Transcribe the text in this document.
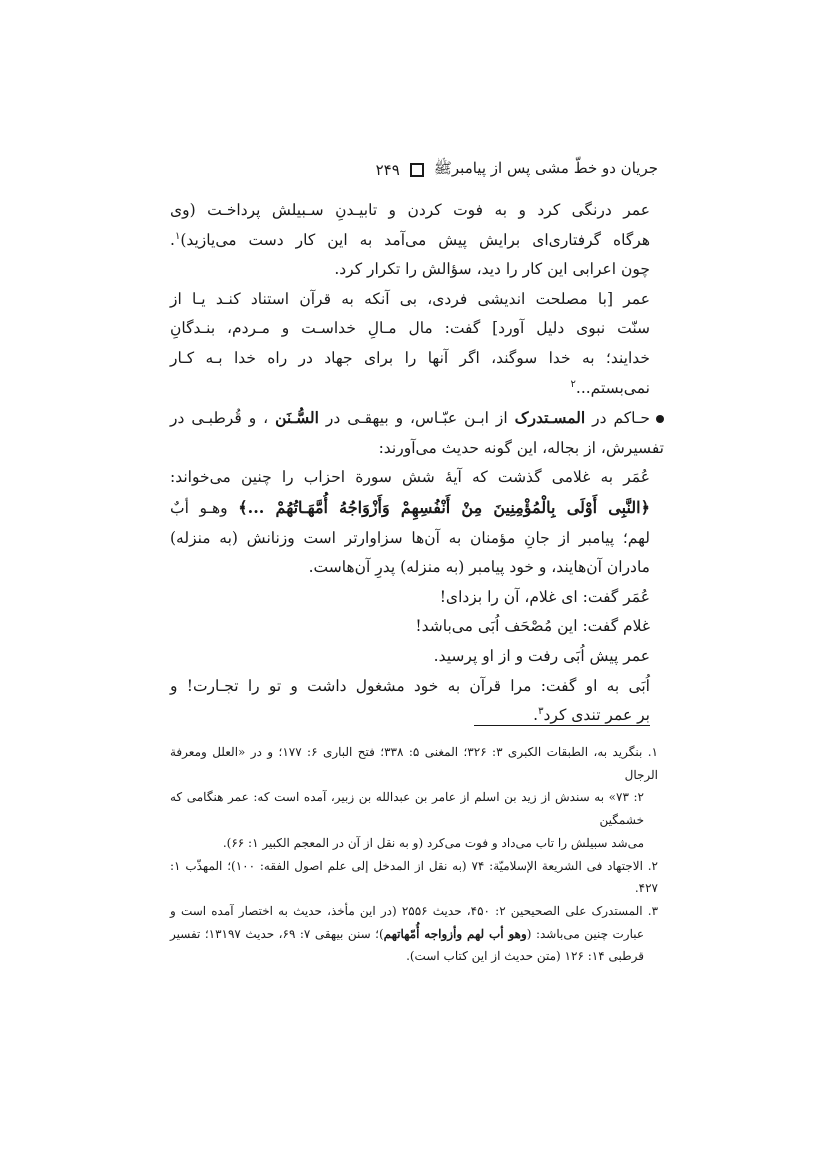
جریان دو خطّ مشی پس از پیامبرﷺ
۲۴۹

عمر درنگی کرد و به فوت کردن و تابیـدنِ سـبیلش پرداخـت (وی

هرگاه گرفتاری‌ای برایش پیش می‌آمد به این کار دست می‌یازید)$^۱$.

چون اعرابی این کار را دید، سؤالش را تکرار کرد.

عمر [با مصلحت اندیشی فردی، بی آنکه به قرآن استناد کنـد یـا از

سنّت نبوی دلیل آورد] گفت: مال مـالِ خداسـت و مـردم، بنـدگانِ

خدایند؛ به خدا سوگند، اگر آنها را برای جهاد در راه خدا بـه کـار

نمی‌بستم...$^۲$

حـاکم در المسـتدرک از ابـن عبّـاس، و بیهقـی در السُّـنَن ، و قُرطبـی در

تفسیرش، از بجاله، این گونه حدیث می‌آورند:

عُمَر به غلامی گذشت که آیهٔ شش سورة احزاب را چنین می‌خواند:

﴿النَّبِی أَوْلَی بِالْمُؤْمِنِینَ مِنْ أَنْفُسِهِمْ وَأَزْوَاجُهُ أُمَّهَـاتُهُمْ ...﴾ وهـو أبٌ

لهم؛ پیامبر از جانِ مؤمنان به آن‌ها سزاوارتر است وزنانش (به منزله)

مادران آن‌هایند، و خود پیامبر (به منزله) پدرِ آن‌هاست.

عُمَر گفت: ای غلام، آن را بزدای!

غلام گفت: این مُصْحَف اُبَی می‌باشد!

عمر پیش اُبَی رفت و از او پرسید.

اُبَی به او گفت: مرا قرآن به خود مشغول داشت و تو را تجـارت! و

بر عمر تندی کرد$^۳$.

۱. بنگرید به، الطبقات الکبری ۳: ۳۲۶؛ المغنی ۵: ۳۳۸؛ فتح الباری ۶: ۱۷۷؛ و در «العلل ومعرفة الرجال

۲: ۷۳» به سندش از زید بن اسلم از عامر بن عبدالله بن زبیر، آمده است که: عمر هنگامی که خشمگین

می‌شد سبیلش را تاب می‌داد و فوت می‌کرد (و به نقل از آن در المعجم الکبیر ۱: ۶۶).

۲. الاجتهاد فی الشریعة الإسلامیّة: ۷۴ (به نقل از المدخل إلی علم اصول الفقه: ۱۰۰)؛ المهذّب ۱: ۴۲۷.

۳. المستدرک علی الصحیحین ۲: ۴۵۰، حدیث ۲۵۵۶ (در این مأخذ، حدیث به اختصار آمده است و

عبارت چنین می‌باشد: (وهو أب لهم وأزواجه أُمّهاتهم)؛ سنن بیهقی ۷: ۶۹، حدیث ۱۳۱۹۷؛ تفسیر

قرطبی ۱۴: ۱۲۶ (متن حدیث از این کتاب است).
